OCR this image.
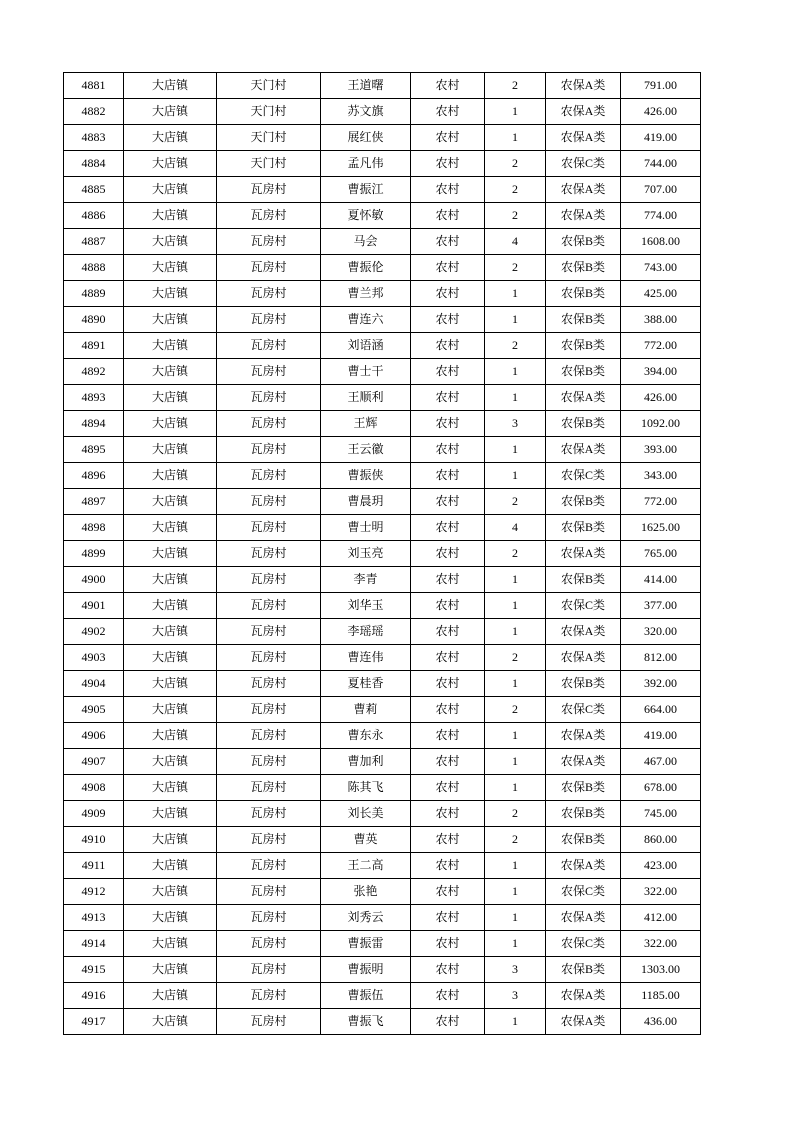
4881	大店镇	天门村	王道曙	农村	2	农保A类	791.00
4882	大店镇	天门村	苏文旗	农村	1	农保A类	426.00
4883	大店镇	天门村	展红侠	农村	1	农保A类	419.00
4884	大店镇	天门村	孟凡伟	农村	2	农保C类	744.00
4885	大店镇	瓦房村	曹振江	农村	2	农保A类	707.00
4886	大店镇	瓦房村	夏怀敏	农村	2	农保A类	774.00
4887	大店镇	瓦房村	马会	农村	4	农保B类	1608.00
4888	大店镇	瓦房村	曹振伦	农村	2	农保B类	743.00
4889	大店镇	瓦房村	曹兰邦	农村	1	农保B类	425.00
4890	大店镇	瓦房村	曹连六	农村	1	农保B类	388.00
4891	大店镇	瓦房村	刘语涵	农村	2	农保B类	772.00
4892	大店镇	瓦房村	曹士干	农村	1	农保B类	394.00
4893	大店镇	瓦房村	王顺利	农村	1	农保A类	426.00
4894	大店镇	瓦房村	王辉	农村	3	农保B类	1092.00
4895	大店镇	瓦房村	王云徽	农村	1	农保A类	393.00
4896	大店镇	瓦房村	曹振侠	农村	1	农保C类	343.00
4897	大店镇	瓦房村	曹晨玥	农村	2	农保B类	772.00
4898	大店镇	瓦房村	曹士明	农村	4	农保B类	1625.00
4899	大店镇	瓦房村	刘玉亮	农村	2	农保A类	765.00
4900	大店镇	瓦房村	李青	农村	1	农保B类	414.00
4901	大店镇	瓦房村	刘华玉	农村	1	农保C类	377.00
4902	大店镇	瓦房村	李瑶瑶	农村	1	农保A类	320.00
4903	大店镇	瓦房村	曹连伟	农村	2	农保A类	812.00
4904	大店镇	瓦房村	夏桂香	农村	1	农保B类	392.00
4905	大店镇	瓦房村	曹莉	农村	2	农保C类	664.00
4906	大店镇	瓦房村	曹东永	农村	1	农保A类	419.00
4907	大店镇	瓦房村	曹加利	农村	1	农保A类	467.00
4908	大店镇	瓦房村	陈其飞	农村	1	农保B类	678.00
4909	大店镇	瓦房村	刘长美	农村	2	农保B类	745.00
4910	大店镇	瓦房村	曹英	农村	2	农保B类	860.00
4911	大店镇	瓦房村	王二高	农村	1	农保A类	423.00
4912	大店镇	瓦房村	张艳	农村	1	农保C类	322.00
4913	大店镇	瓦房村	刘秀云	农村	1	农保A类	412.00
4914	大店镇	瓦房村	曹振雷	农村	1	农保C类	322.00
4915	大店镇	瓦房村	曹振明	农村	3	农保B类	1303.00
4916	大店镇	瓦房村	曹振伍	农村	3	农保A类	1185.00
4917	大店镇	瓦房村	曹振飞	农村	1	农保A类	436.00
